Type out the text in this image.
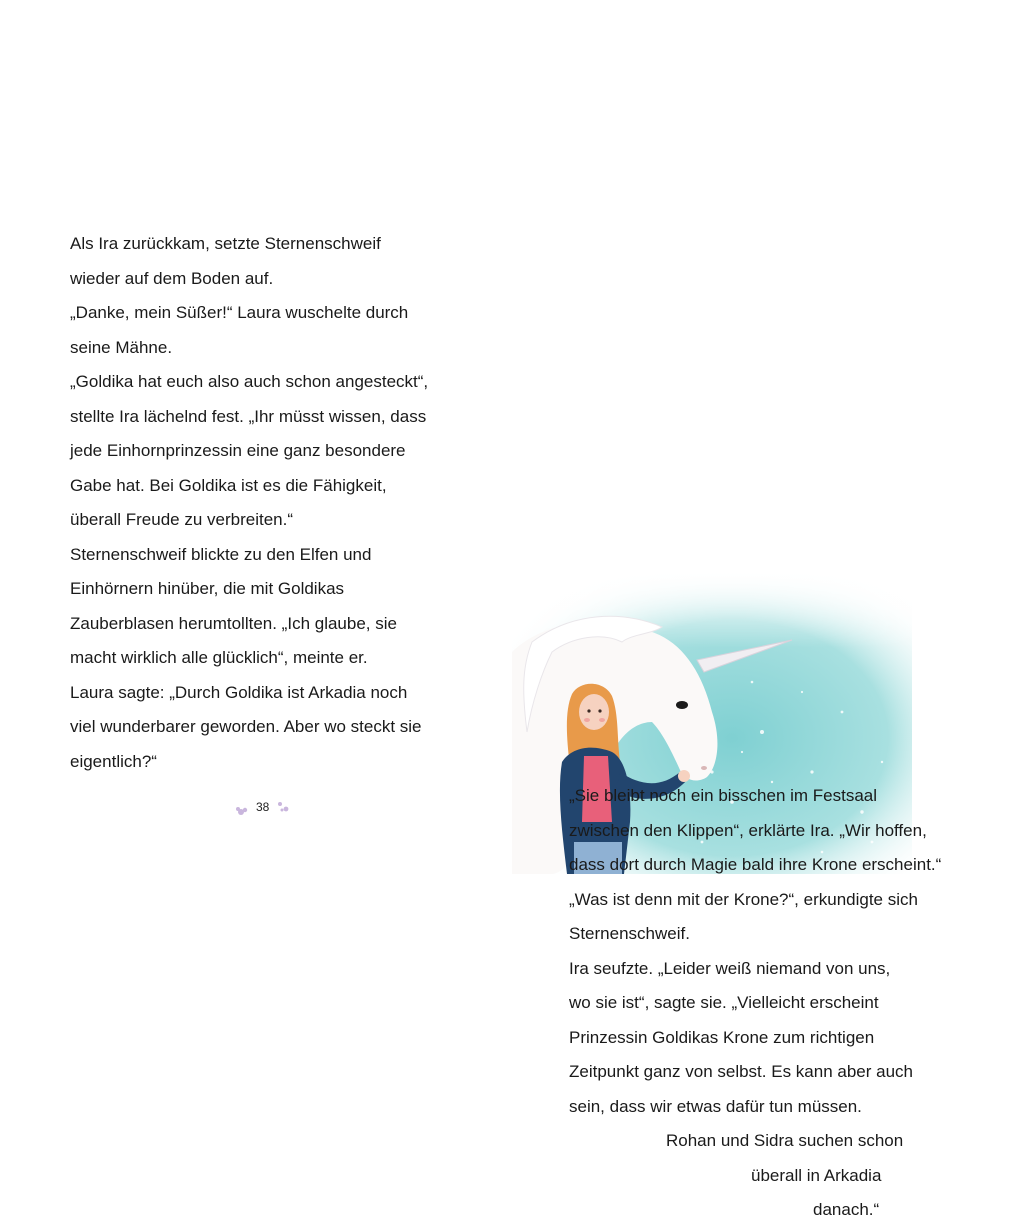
Als Ira zurückkam, setzte Sternenschweif
wieder auf dem Boden auf.
„Danke, mein Süßer!“ Laura wuschelte durch
seine Mähne.
„Goldika hat euch also auch schon angesteckt“,
stellte Ira lächelnd fest. „Ihr müsst wissen, dass
jede Einhornprinzessin eine ganz besondere
Gabe hat. Bei Goldika ist es die Fähigkeit,
überall Freude zu verbreiten.“
Sternenschweif blickte zu den Elfen und
Einhörnern hinüber, die mit Goldikas
Zauberblasen herumtollten. „Ich glaube, sie
macht wirklich alle glücklich“, meinte er.
Laura sagte: „Durch Goldika ist Arkadia noch
viel wunderbarer geworden. Aber wo steckt sie
eigentlich?“
38
„Sie bleibt noch ein bisschen im Festsaal
zwischen den Klippen“, erklärte Ira. „Wir hoffen,
dass dort durch Magie bald ihre Krone erscheint.“
„Was ist denn mit der Krone?“, erkundigte sich
Sternenschweif.
Ira seufzte. „Leider weiß niemand von uns,
wo sie ist“, sagte sie. „Vielleicht erscheint
Prinzessin Goldikas Krone zum richtigen
Zeitpunkt ganz von selbst. Es kann aber auch
sein, dass wir etwas dafür tun müssen.
Rohan und Sidra suchen schon
überall in Arkadia
danach.“
